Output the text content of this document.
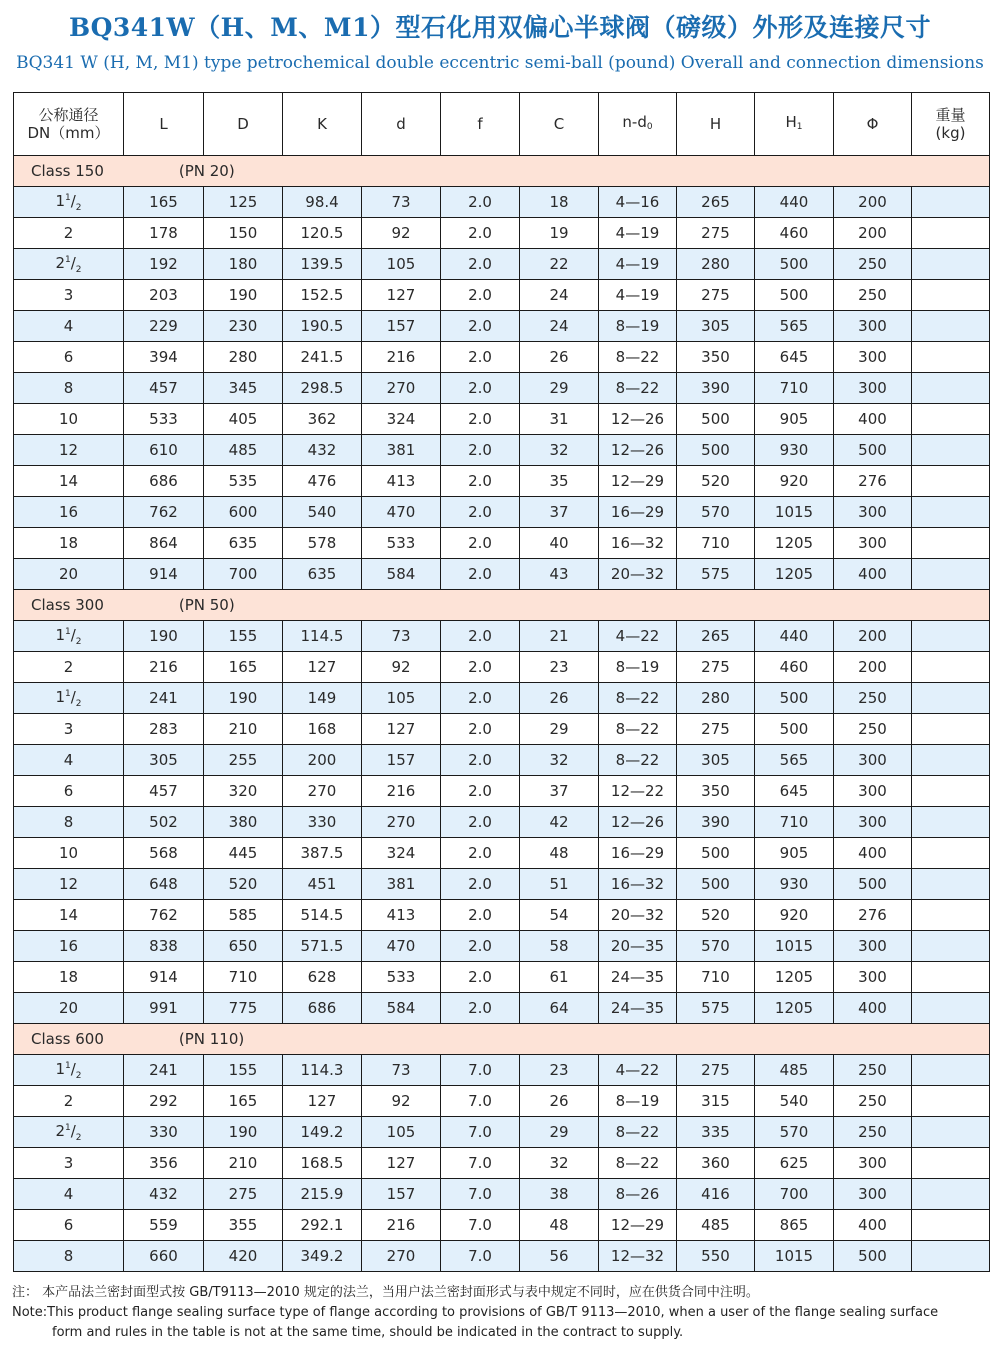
BQ341W（H、M、M1）型石化用双偏心半球阀（磅级）外形及连接尺寸
BQ341 W (H, M, M1) type petrochemical double eccentric semi-ball (pound) Overall and connection dimensions
公称通径
DN（mm）	L	D	K	d	f	C	n-d0	H	H1	Φ	重量
(kg)
Class 150 (PN 20)											
$1^1/_2$	165	125	98.4	73	2.0	18	4—16	265	440	200	
2	178	150	120.5	92	2.0	19	4—19	275	460	200	
$2^1/_2$	192	180	139.5	105	2.0	22	4—19	280	500	250	
3	203	190	152.5	127	2.0	24	4—19	275	500	250	
4	229	230	190.5	157	2.0	24	8—19	305	565	300	
6	394	280	241.5	216	2.0	26	8—22	350	645	300	
8	457	345	298.5	270	2.0	29	8—22	390	710	300	
10	533	405	362	324	2.0	31	12—26	500	905	400	
12	610	485	432	381	2.0	32	12—26	500	930	500	
14	686	535	476	413	2.0	35	12—29	520	920	276	
16	762	600	540	470	2.0	37	16—29	570	1015	300	
18	864	635	578	533	2.0	40	16—32	710	1205	300	
20	914	700	635	584	2.0	43	20—32	575	1205	400	
Class 300 (PN 50)											
$1^1/_2$	190	155	114.5	73	2.0	21	4—22	265	440	200	
2	216	165	127	92	2.0	23	8—19	275	460	200	
$1^1/_2$	241	190	149	105	2.0	26	8—22	280	500	250	
3	283	210	168	127	2.0	29	8—22	275	500	250	
4	305	255	200	157	2.0	32	8—22	305	565	300	
6	457	320	270	216	2.0	37	12—22	350	645	300	
8	502	380	330	270	2.0	42	12—26	390	710	300	
10	568	445	387.5	324	2.0	48	16—29	500	905	400	
12	648	520	451	381	2.0	51	16—32	500	930	500	
14	762	585	514.5	413	2.0	54	20—32	520	920	276	
16	838	650	571.5	470	2.0	58	20—35	570	1015	300	
18	914	710	628	533	2.0	61	24—35	710	1205	300	
20	991	775	686	584	2.0	64	24—35	575	1205	400	
Class 600 (PN 110)											
$1^1/_2$	241	155	114.3	73	7.0	23	4—22	275	485	250	
2	292	165	127	92	7.0	26	8—19	315	540	250	
$2^1/_2$	330	190	149.2	105	7.0	29	8—22	335	570	250	
3	356	210	168.5	127	7.0	32	8—22	360	625	300	
4	432	275	215.9	157	7.0	38	8—26	416	700	300	
6	559	355	292.1	216	7.0	48	12—29	485	865	400	
8	660	420	349.2	270	7.0	56	12—32	550	1015	500	
注： 本产品法兰密封面型式按 GB/T9113—2010 规定的法兰，当用户法兰密封面形式与表中规定不同时，应在供货合同中注明。
Note:This product flange sealing surface type of flange according to provisions of GB/T 9113—2010, when a user of the flange sealing surface
form and rules in the table is not at the same time, should be indicated in the contract to supply.
